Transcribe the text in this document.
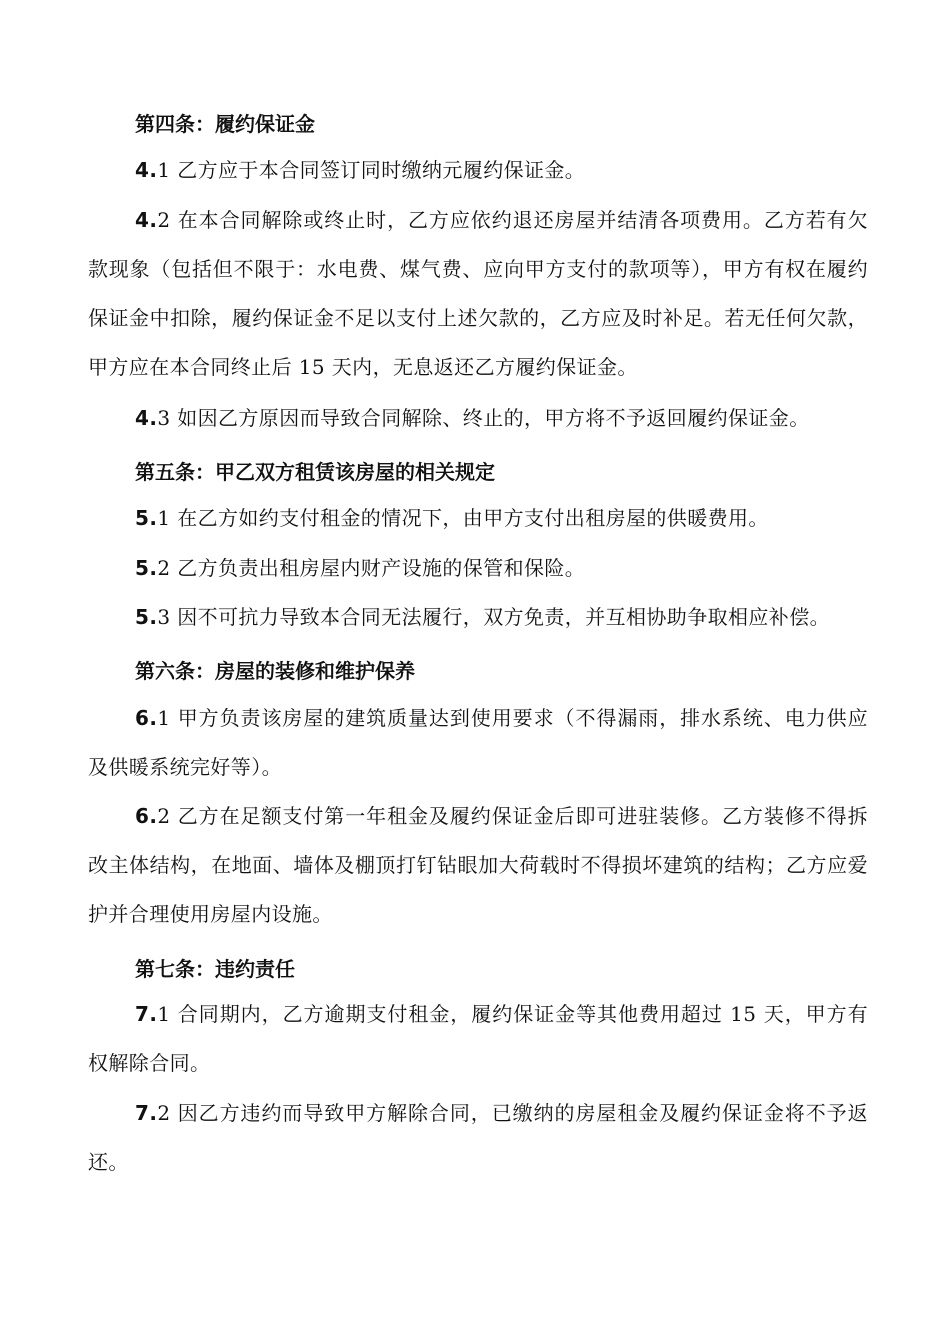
第四条：履约保证金
4.1 乙方应于本合同签订同时缴纳元履约保证金。
4.2 在本合同解除或终止时，乙方应依约退还房屋并结清各项费用。乙方若有欠款现象（包括但不限于：水电费、煤气费、应向甲方支付的款项等），甲方有权在履约保证金中扣除，履约保证金不足以支付上述欠款的，乙方应及时补足。若无任何欠款，甲方应在本合同终止后 15 天内，无息返还乙方履约保证金。
4.3 如因乙方原因而导致合同解除、终止的，甲方将不予返回履约保证金。
第五条：甲乙双方租赁该房屋的相关规定
5.1 在乙方如约支付租金的情况下，由甲方支付出租房屋的供暖费用。
5.2 乙方负责出租房屋内财产设施的保管和保险。
5.3 因不可抗力导致本合同无法履行，双方免责，并互相协助争取相应补偿。
第六条：房屋的装修和维护保养
6.1 甲方负责该房屋的建筑质量达到使用要求（不得漏雨，排水系统、电力供应及供暖系统完好等）。
6.2 乙方在足额支付第一年租金及履约保证金后即可进驻装修。乙方装修不得拆改主体结构，在地面、墙体及棚顶打钉钻眼加大荷载时不得损坏建筑的结构；乙方应爱护并合理使用房屋内设施。
第七条：违约责任
7.1 合同期内，乙方逾期支付租金，履约保证金等其他费用超过 15 天，甲方有权解除合同。
7.2 因乙方违约而导致甲方解除合同，已缴纳的房屋租金及履约保证金将不予返还。
